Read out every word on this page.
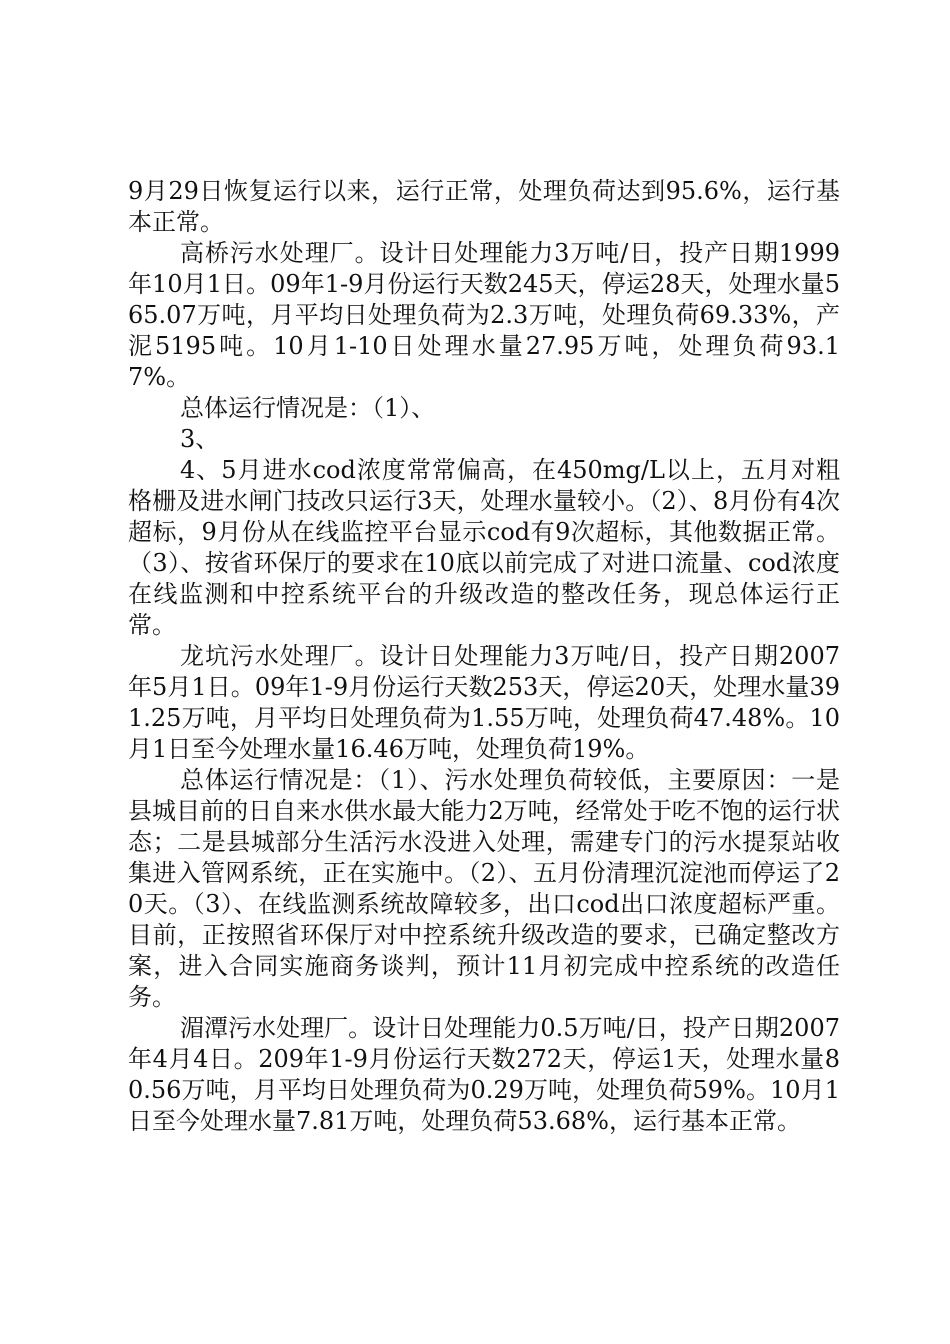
9月29日恢复运行以来，运行正常，处理负荷达到95.6%，运行基本正常。

高桥污水处理厂。设计日处理能力3万吨/日，投产日期1999年10月1日。09年1-9月份运行天数245天，停运28天，处理水量565.07万吨，月平均日处理负荷为2.3万吨，处理负荷69.33%，产泥5195吨。10月1-10日处理水量27.95万吨，处理负荷93.17%。

总体运行情况是：（1）、

3、

4、5月进水cod浓度常常偏高，在450mg/L以上，五月对粗格栅及进水闸门技改只运行3天，处理水量较小。（2）、8月份有4次超标，9月份从在线监控平台显示cod有9次超标，其他数据正常。（3）、按省环保厅的要求在10底以前完成了对进口流量、cod浓度在线监测和中控系统平台的升级改造的整改任务，现总体运行正常。

龙坑污水处理厂。设计日处理能力3万吨/日，投产日期2007年5月1日。09年1-9月份运行天数253天，停运20天，处理水量391.25万吨，月平均日处理负荷为1.55万吨，处理负荷47.48%。10月1日至今处理水量16.46万吨，处理负荷19%。

总体运行情况是：（1）、污水处理负荷较低，主要原因：一是县城目前的日自来水供水最大能力2万吨，经常处于吃不饱的运行状态；二是县城部分生活污水没进入处理，需建专门的污水提泵站收集进入管网系统，正在实施中。（2）、五月份清理沉淀池而停运了20天。（3）、在线监测系统故障较多，出口cod出口浓度超标严重。目前，正按照省环保厅对中控系统升级改造的要求，已确定整改方案，进入合同实施商务谈判，预计11月初完成中控系统的改造任务。

湄潭污水处理厂。设计日处理能力0.5万吨/日，投产日期2007年4月4日。209年1-9月份运行天数272天，停运1天，处理水量80.56万吨，月平均日处理负荷为0.29万吨，处理负荷59%。10月1日至今处理水量7.81万吨，处理负荷53.68%，运行基本正常。
